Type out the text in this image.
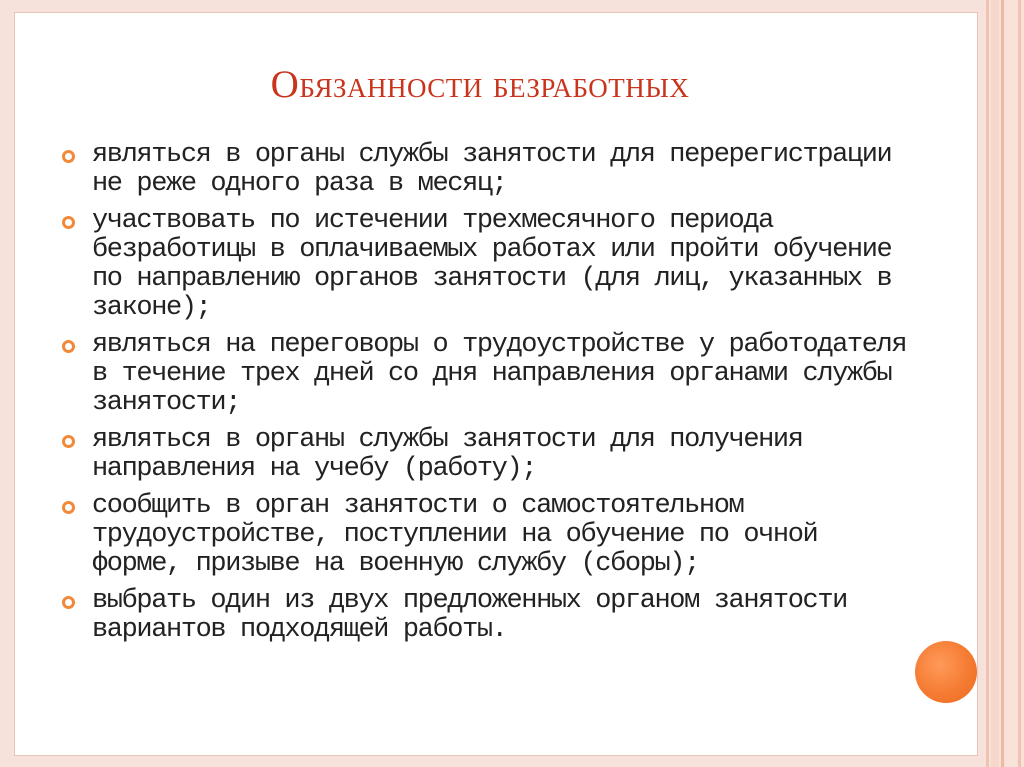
Обязанности безработных
являться в органы службы занятости для перерегистрации не реже одного раза в месяц;
участвовать по истечении трехмесячного периода безработицы в оплачиваемых работах или пройти обучение по направлению органов занятости (для лиц, указанных в законе);
являться на переговоры о трудоустройстве у работодателя в течение трех дней со дня направления органами службы занятости;
являться в органы службы занятости для получения направления на учебу (работу);
сообщить в орган занятости о самостоятельном трудоустройстве, поступлении на обучение по очной форме, призыве на военную службу (сборы);
выбрать один из двух предложенных органом занятости вариантов подходящей работы.
